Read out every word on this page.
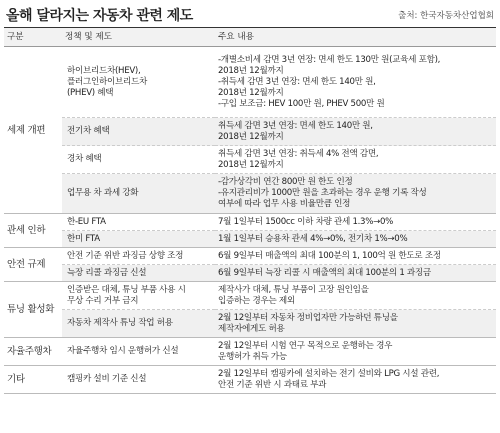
올해 달라지는 자동차 관련 제도	출처: 한국자동차산업협회
구분	정책 및 제도	주요 내용
세제 개편	하이브리드차(HEV),
플러그인하이브리드차
(PHEV) 혜택	-개별소비세 감면 3년 연장: 면세 한도 130만 원(교육세 포함),
2018년 12월까지
-취득세 감면 3년 연장: 면세 한도 140만 원,
2018년 12월까지
-구입 보조금: HEV 100만 원, PHEV 500만 원
	전기차 혜택	취득세 감면 3년 연장: 면세 한도 140만 원,
2018년 12월까지
	경차 혜택	취득세 감면 3년 연장: 취득세 4% 전액 감면,
2018년 12월까지
	업무용 차 과세 강화	-감가상각비 연간 800만 원 한도 인정
-유지관리비가 1000만 원을 초과하는 경우 운행 기록 작성
여부에 따라 업무 사용 비율만큼 인정
관세 인하	한-EU FTA	7월 1일부터 1500cc 이하 차량 관세 1.3%→0%
	한미 FTA	1월 1일부터 승용차 관세 4%→0%, 전기차 1%→0%
안전 규제	안전 기준 위반 과징금 상향 조정	6월 9일부터 매출액의 최대 100분의 1, 100억 원 한도로 조정
	늑장 리콜 과징금 신설	6월 9일부터 늑장 리콜 시 매출액의 최대 100분의 1 과징금
튜닝 활성화	인증받은 대체, 튜닝 부품 사용 시
무상 수리 거부 금지	제작사가 대체, 튜닝 부품이 고장 원인임을
입증하는 경우는 제외
	자동차 제작사 튜닝 작업 허용	2월 12일부터 자동차 정비업자만 가능하던 튜닝을
제작자에게도 허용
자율주행차	자율주행차 임시 운행허가 신설	2월 12일부터 시험 연구 목적으로 운행하는 경우
운행허가 취득 가능
기타	캠핑카 설비 기준 신설	2월 12일부터 캠핑카에 설치하는 전기 설비와 LPG 시설 관련,
안전 기준 위반 시 과태료 부과
